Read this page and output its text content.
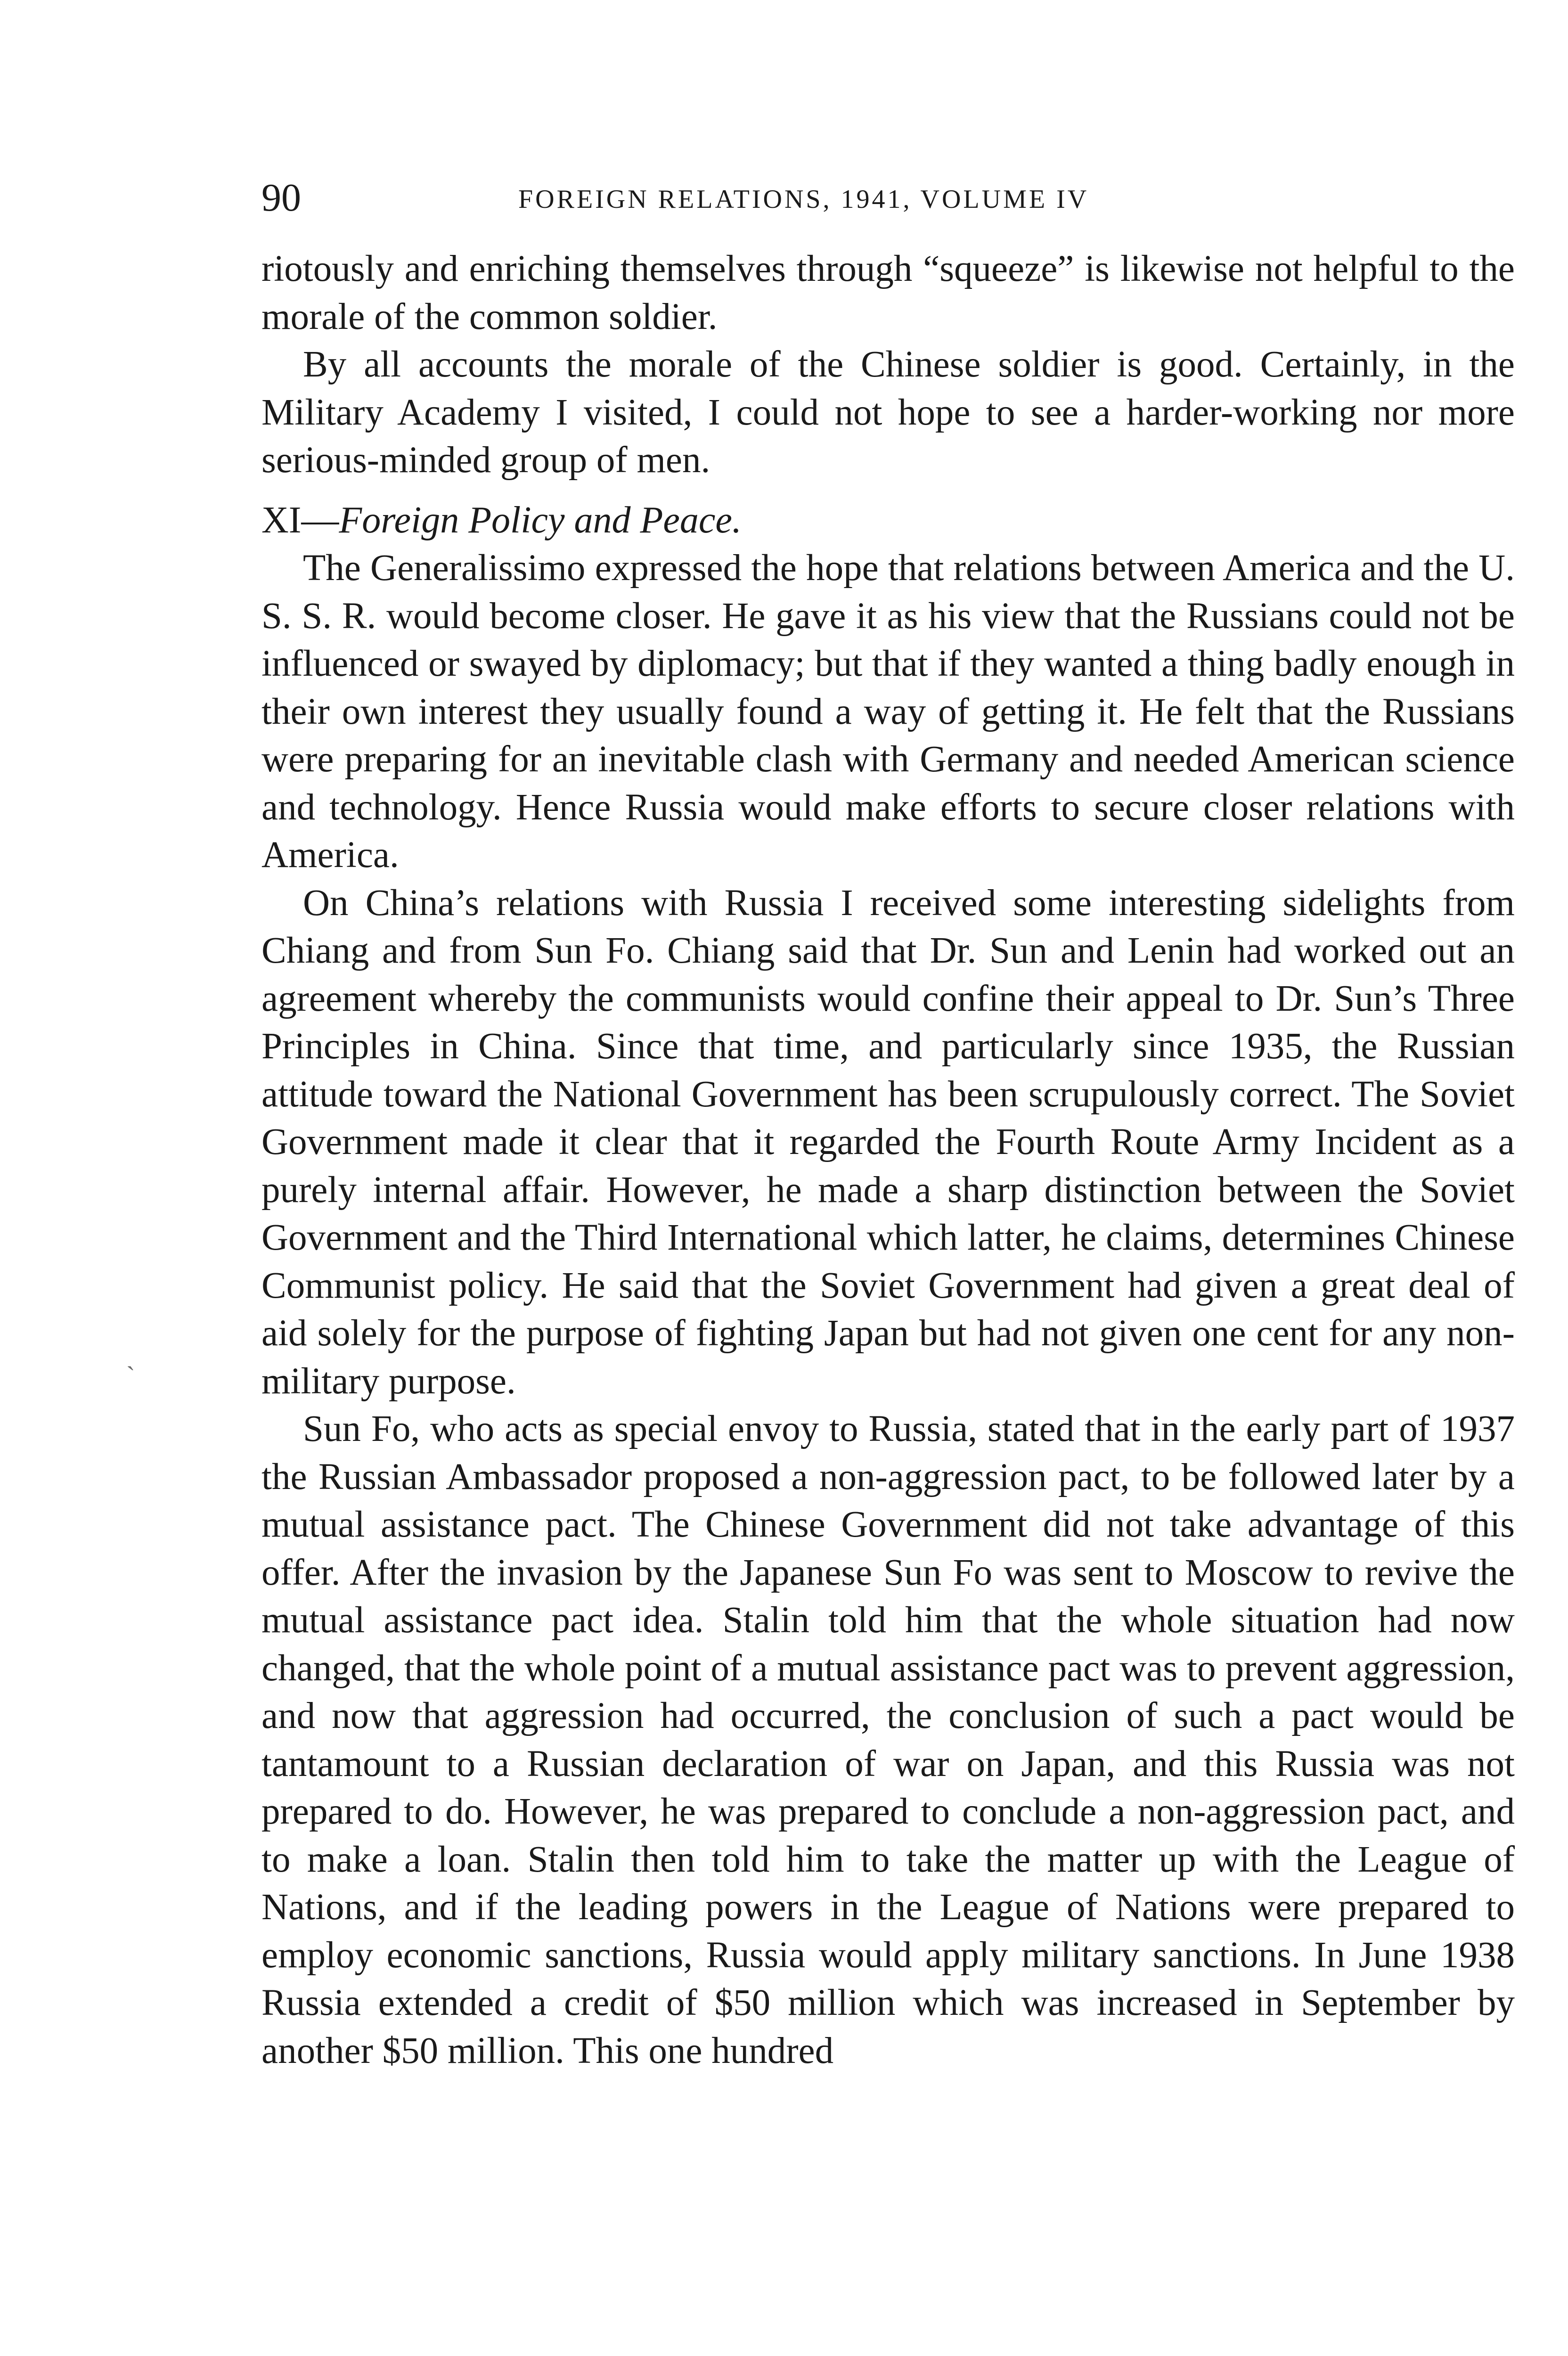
90	FOREIGN RELATIONS, 1941, VOLUME IV

riotously and enriching themselves through “squeeze” is likewise not helpful to the morale of the common soldier.

By all accounts the morale of the Chinese soldier is good. Certainly, in the Military Academy I visited, I could not hope to see a harder-working nor more serious-minded group of men.

XI—Foreign Policy and Peace.

The Generalissimo expressed the hope that relations between America and the U. S. S. R. would become closer. He gave it as his view that the Russians could not be influenced or swayed by diplomacy; but that if they wanted a thing badly enough in their own interest they usually found a way of getting it. He felt that the Russians were preparing for an inevitable clash with Germany and needed American science and technology. Hence Russia would make efforts to secure closer relations with America.

On China’s relations with Russia I received some interesting sidelights from Chiang and from Sun Fo. Chiang said that Dr. Sun and Lenin had worked out an agreement whereby the communists would confine their appeal to Dr. Sun’s Three Principles in China. Since that time, and particularly since 1935, the Russian attitude toward the National Government has been scrupulously correct. The Soviet Government made it clear that it regarded the Fourth Route Army Incident as a purely internal affair. However, he made a sharp distinction between the Soviet Government and the Third International which latter, he claims, determines Chinese Communist policy. He said that the Soviet Government had given a great deal of aid solely for the purpose of fighting Japan but had not given one cent for any non-military purpose.

Sun Fo, who acts as special envoy to Russia, stated that in the early part of 1937 the Russian Ambassador proposed a non-aggression pact, to be followed later by a mutual assistance pact. The Chinese Government did not take advantage of this offer. After the invasion by the Japanese Sun Fo was sent to Moscow to revive the mutual assistance pact idea. Stalin told him that the whole situation had now changed, that the whole point of a mutual assistance pact was to prevent aggression, and now that aggression had occurred, the conclusion of such a pact would be tantamount to a Russian declaration of war on Japan, and this Russia was not prepared to do. However, he was prepared to conclude a non-aggression pact, and to make a loan. Stalin then told him to take the matter up with the League of Nations, and if the leading powers in the League of Nations were prepared to employ economic sanctions, Russia would apply military sanctions. In June 1938 Russia extended a credit of $50 million which was increased in September by another $50 million. This one hundred

ˎ
